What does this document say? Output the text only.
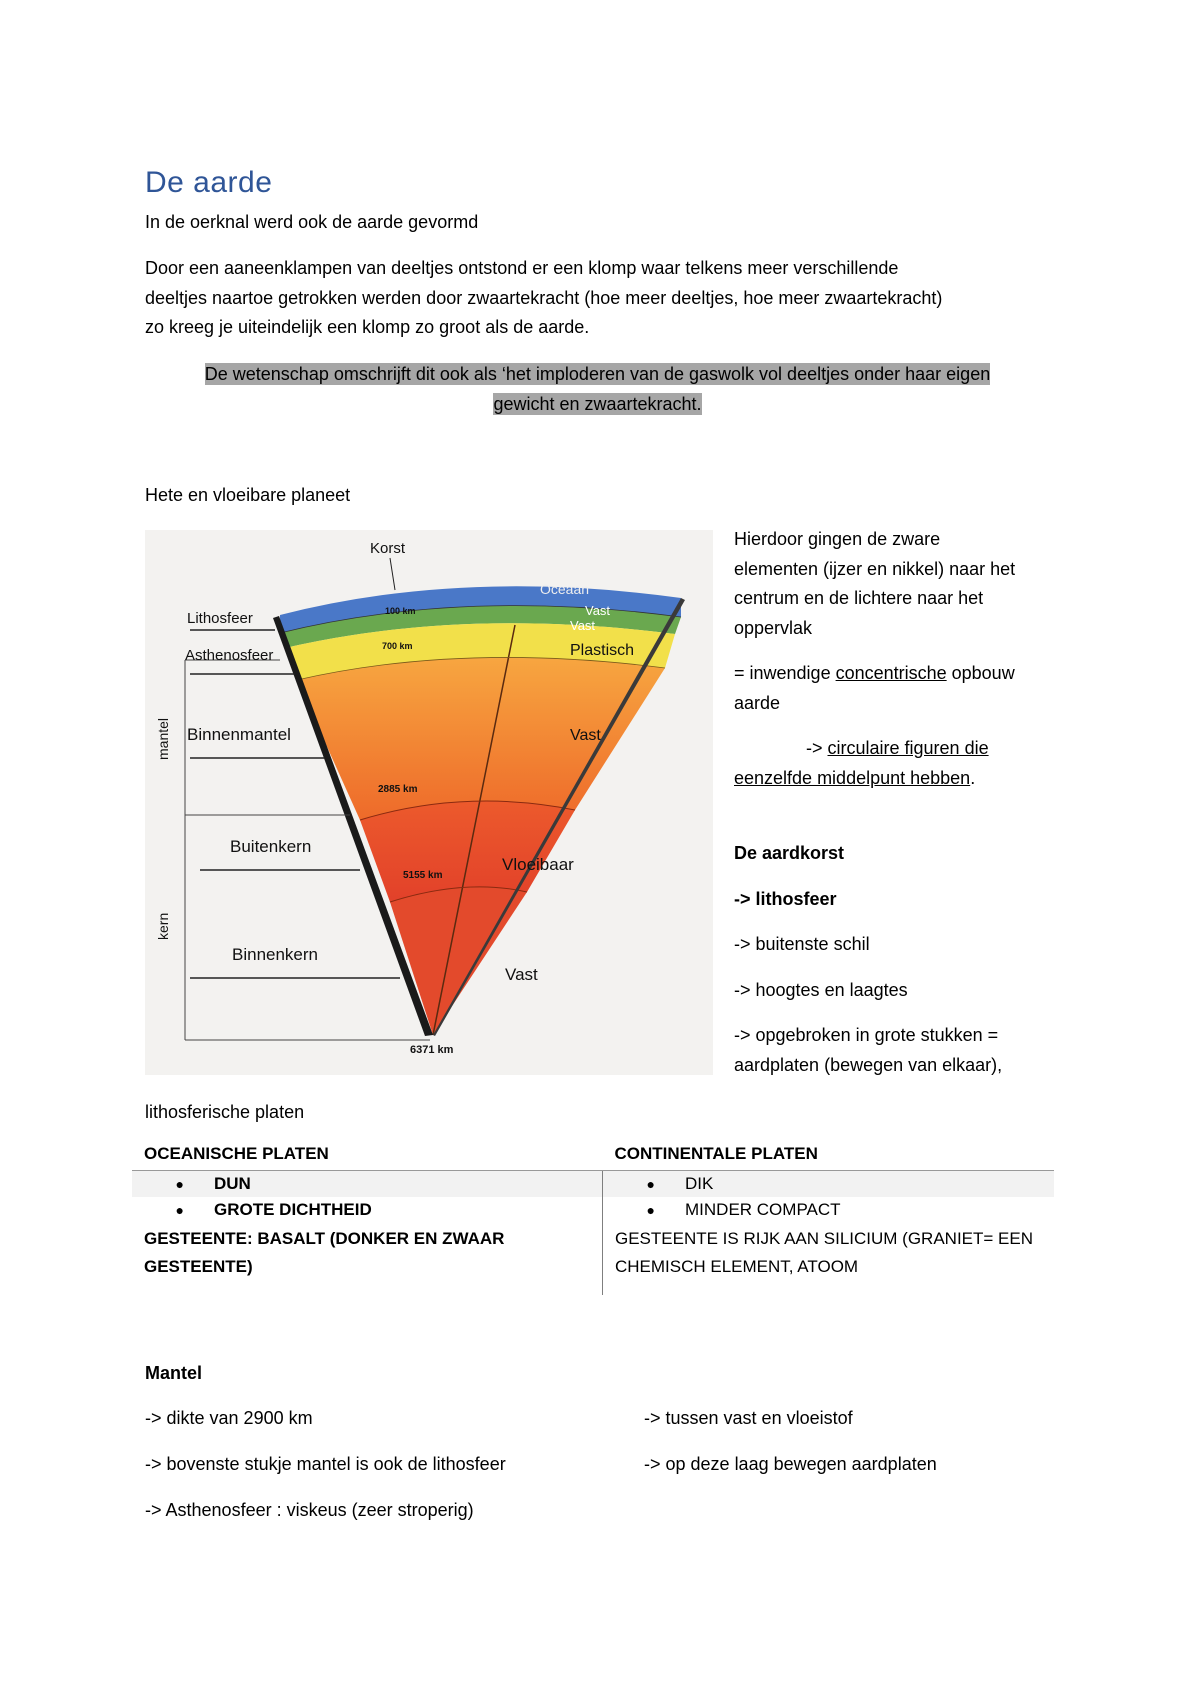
De aarde

In de oerknal werd ook de aarde gevormd

Door een aaneenklampen van deeltjes ontstond er een klomp waar telkens meer verschillende

deeltjes naartoe getrokken werden door zwaartekracht (hoe meer deeltjes, hoe meer zwaartekracht)

zo kreeg je uiteindelijk een klomp zo groot als de aarde.

De wetenschap omschrijft dit ook als ‘het imploderen van de gaswolk vol deeltjes onder haar eigen
gewicht en zwaartekracht.

Hete en vloeibare planeet

Korst
Oceaan
Vast
Vast
Plastisch
Vast
Vloeibaar
Vast
Lithosfeer
Asthenosfeer
Binnenmantel
Buitenkern
Binnenkern
mantel
kern
100 km
700 km
2885 km
5155 km
6371 km

Hierdoor gingen de zware

elementen (ijzer en nikkel) naar het

centrum en de lichtere naar het

oppervlak

= inwendige concentrische opbouw

aarde

-> circulaire figuren die

eenzelfde middelpunt hebben.

De aardkorst

-> lithosfeer

-> buitenste schil

-> hoogtes en laagtes

-> opgebroken in grote stukken =

aardplaten (bewegen van elkaar),

lithosferische platen

OCEANISCHE PLATEN	CONTINENTALE PLATEN

● DUN	● DIK

● GROTE DICHTHEID	● MINDER COMPACT

GESTEENTE: BASALT (DONKER EN ZWAAR GESTEENTE)	GESTEENTE IS RIJK AAN SILICIUM (GRANIET= EEN CHEMISCH ELEMENT, ATOOM

Mantel

-> dikte van 2900 km

-> bovenste stukje mantel is ook de lithosfeer

-> Asthenosfeer : viskeus (zeer stroperig)

-> tussen vast en vloeistof

-> op deze laag bewegen aardplaten
